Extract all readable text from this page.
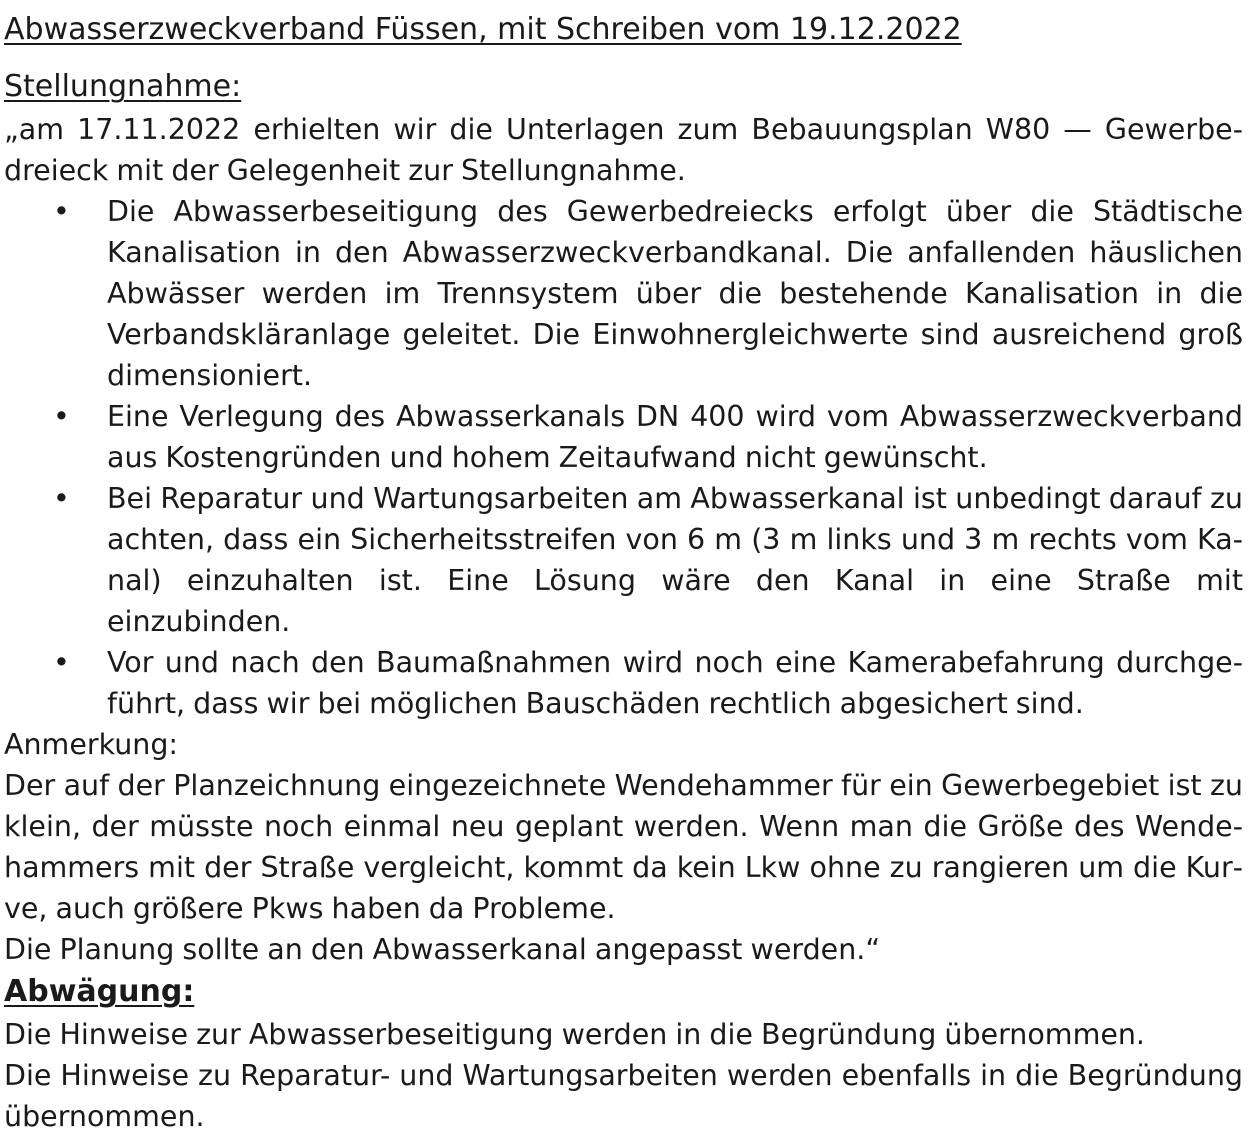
Abwasserzweckverband Füssen, mit Schreiben vom 19.12.2022
Stellungnahme:

„am 17.11.2022 erhielten wir die Unterlagen zum Bebauungsplan W80 — Gewerbedreieck mit der Gelegenheit zur Stellungnahme.

• Die Abwasserbeseitigung des Gewerbedreiecks erfolgt über die Städtische Kanalisation in den Abwasserzweckverbandkanal. Die anfallenden häuslichen Abwässer werden im Trennsystem über die bestehende Kanalisation in die Verbandskläranlage geleitet. Die Einwohnergleichwerte sind ausreichend groß dimensioniert.
• Eine Verlegung des Abwasserkanals DN 400 wird vom Abwasserzweckverband aus Kostengründen und hohem Zeitaufwand nicht gewünscht.
• Bei Reparatur und Wartungsarbeiten am Abwasserkanal ist unbedingt darauf zu achten, dass ein Sicherheitsstreifen von 6 m (3 m links und 3 m rechts vom Kanal) einzuhalten ist. Eine Lösung wäre den Kanal in eine Straße mit einzubinden.
• Vor und nach den Baumaßnahmen wird noch eine Kamerabefahrung durchgeführt, dass wir bei möglichen Bauschäden rechtlich abgesichert sind.

Anmerkung:

Der auf der Planzeichnung eingezeichnete Wendehammer für ein Gewerbegebiet ist zu klein, der müsste noch einmal neu geplant werden. Wenn man die Größe des Wendehammers mit der Straße vergleicht, kommt da kein Lkw ohne zu rangieren um die Kurve, auch größere Pkws haben da Probleme.

Die Planung sollte an den Abwasserkanal angepasst werden.“

Abwägung:

Die Hinweise zur Abwasserbeseitigung werden in die Begründung übernommen.

Die Hinweise zu Reparatur- und Wartungsarbeiten werden ebenfalls in die Begründung übernommen.
